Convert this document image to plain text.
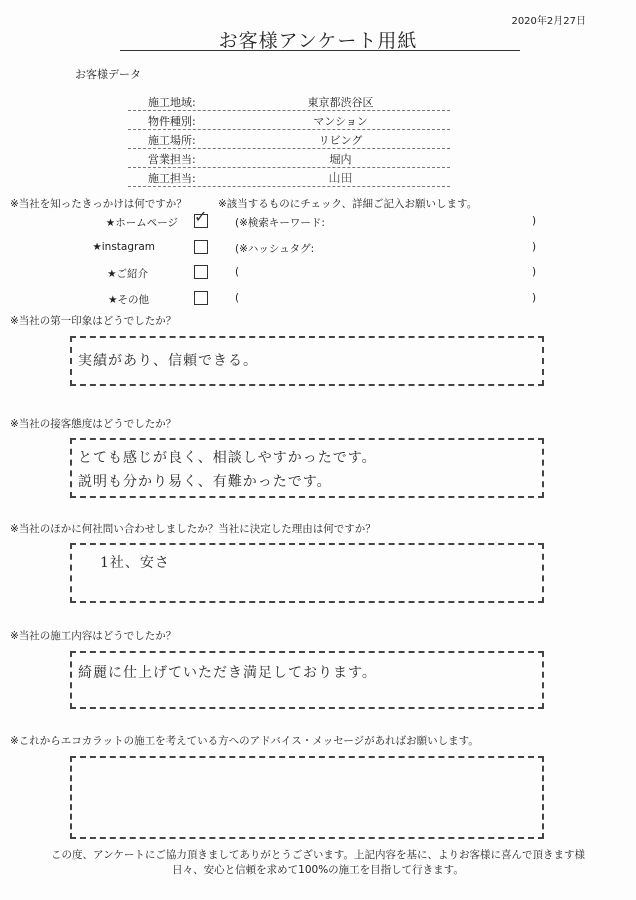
2020年2月27日
お客様アンケート用紙
お客様データ
施工地域:	東京都渋谷区
物件種別:	マンション
施工場所:	リビング
営業担当:	堀内
施工担当:	山田
※当社を知ったきっかけは何ですか？	※該当するものにチェック、詳細ご記入お願いします。
★ホームページ ✓	(※検索キーワード:	)
★instagram	(※ハッシュタグ:	)
★ご紹介	(	)
★その他	(	)
※当社の第一印象はどうでしたか？
実績があり、信頼できる。
※当社の接客態度はどうでしたか？
とても感じが良く、相談しやすかったです。
説明も分かり易く、有難かったです。
※当社のほかに何社問い合わせしましたか？当社に決定した理由は何ですか？
1社、安さ
※当社の施工内容はどうでしたか？
綺麗に仕上げていただき満足しております。
※これからエコカラットの施工を考えている方へのアドバイス・メッセージがあればお願いします。
この度、アンケートにご協力頂きましてありがとうございます。上記内容を基に、よりお客様に喜んで頂きます様
日々、安心と信頼を求めて100%の施工を目指して行きます。
